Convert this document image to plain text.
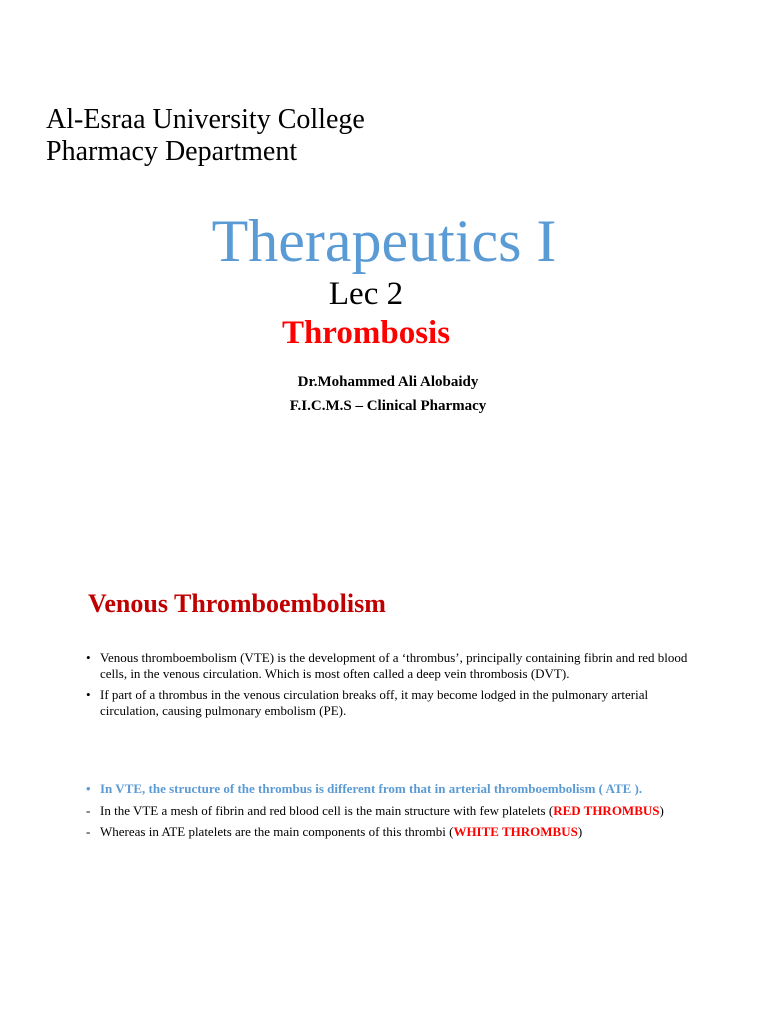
Al-Esraa University College
Pharmacy Department
Therapeutics I
Lec 2
Thrombosis
Dr.Mohammed Ali Alobaidy
F.I.C.M.S – Clinical Pharmacy
Venous Thromboembolism
• Venous thromboembolism (VTE) is the development of a ‘thrombus’, principally containing fibrin and red blood cells, in the venous circulation. Which is most often called a deep vein thrombosis (DVT).
• If part of a thrombus in the venous circulation breaks off, it may become lodged in the pulmonary arterial circulation, causing pulmonary embolism (PE).
• In VTE, the structure of the thrombus is different from that in arterial thromboembolism ( ATE ).
- In the VTE a mesh of fibrin and red blood cell is the main structure with few platelets (RED THROMBUS)
- Whereas in ATE platelets are the main components of this thrombi (WHITE THROMBUS)
